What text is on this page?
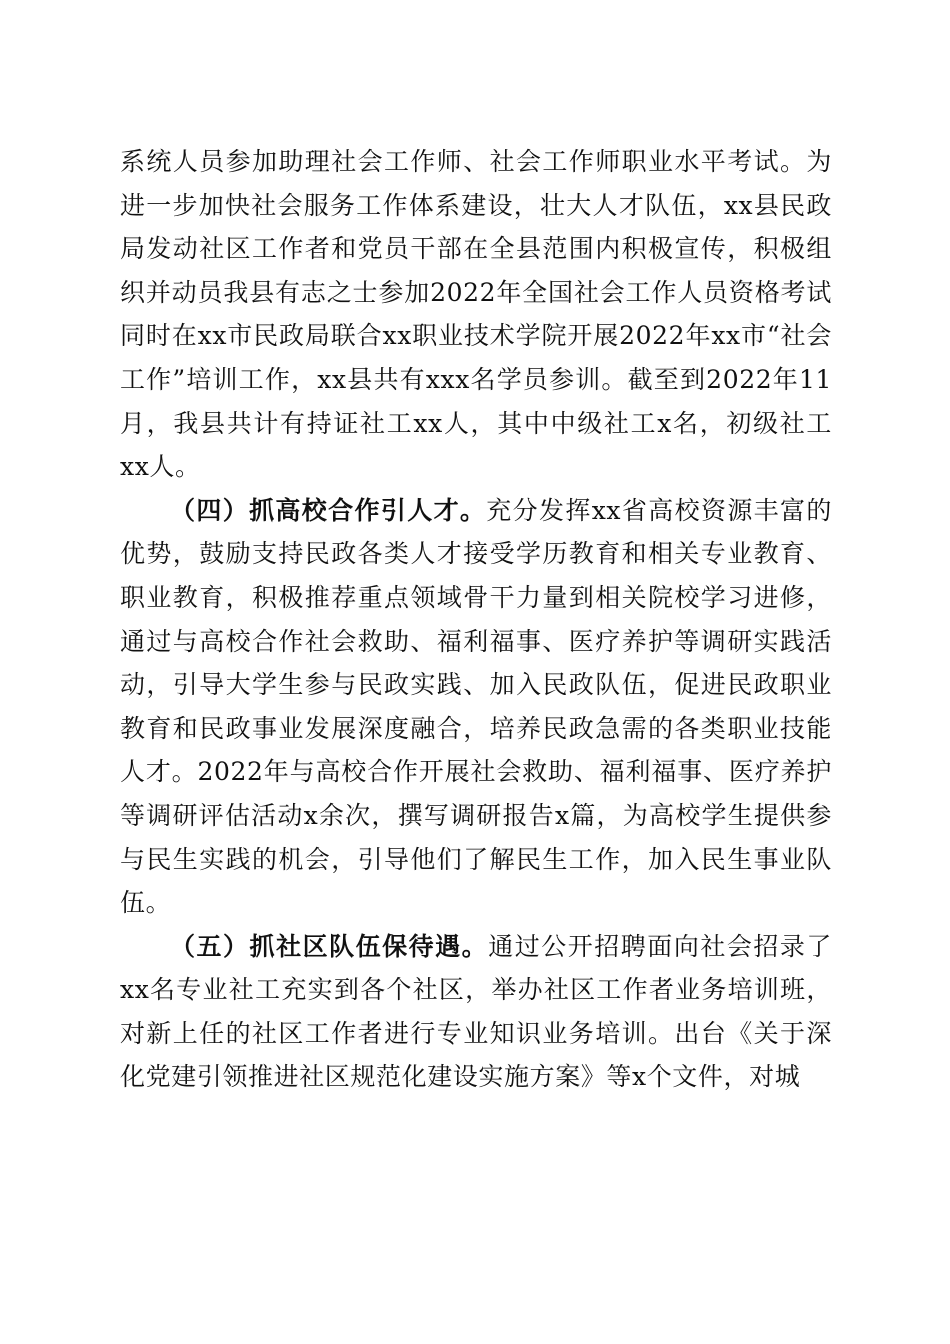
系统人员参加助理社会工作师、社会工作师职业水平考试。为进一步加快社会服务工作体系建设，壮大人才队伍，xx县民政局发动社区工作者和党员干部在全县范围内积极宣传，积极组织并动员我县有志之士参加2022年全国社会工作人员资格考试同时在xx市民政局联合xx职业技术学院开展2022年xx市“社会工作”培训工作，xx县共有xxx名学员参训。截至到2022年11月，我县共计有持证社工xx人，其中中级社工x名，初级社工xx人。

（四）抓高校合作引人才。充分发挥xx省高校资源丰富的优势，鼓励支持民政各类人才接受学历教育和相关专业教育、职业教育，积极推荐重点领域骨干力量到相关院校学习进修，通过与高校合作社会救助、福利福事、医疗养护等调研实践活动，引导大学生参与民政实践、加入民政队伍，促进民政职业教育和民政事业发展深度融合，培养民政急需的各类职业技能人才。2022年与高校合作开展社会救助、福利福事、医疗养护等调研评估活动x余次，撰写调研报告x篇，为高校学生提供参与民生实践的机会，引导他们了解民生工作，加入民生事业队伍。

（五）抓社区队伍保待遇。通过公开招聘面向社会招录了xx名专业社工充实到各个社区，举办社区工作者业务培训班，对新上任的社区工作者进行专业知识业务培训。出台《关于深化党建引领推进社区规范化建设实施方案》等x个文件，对城
